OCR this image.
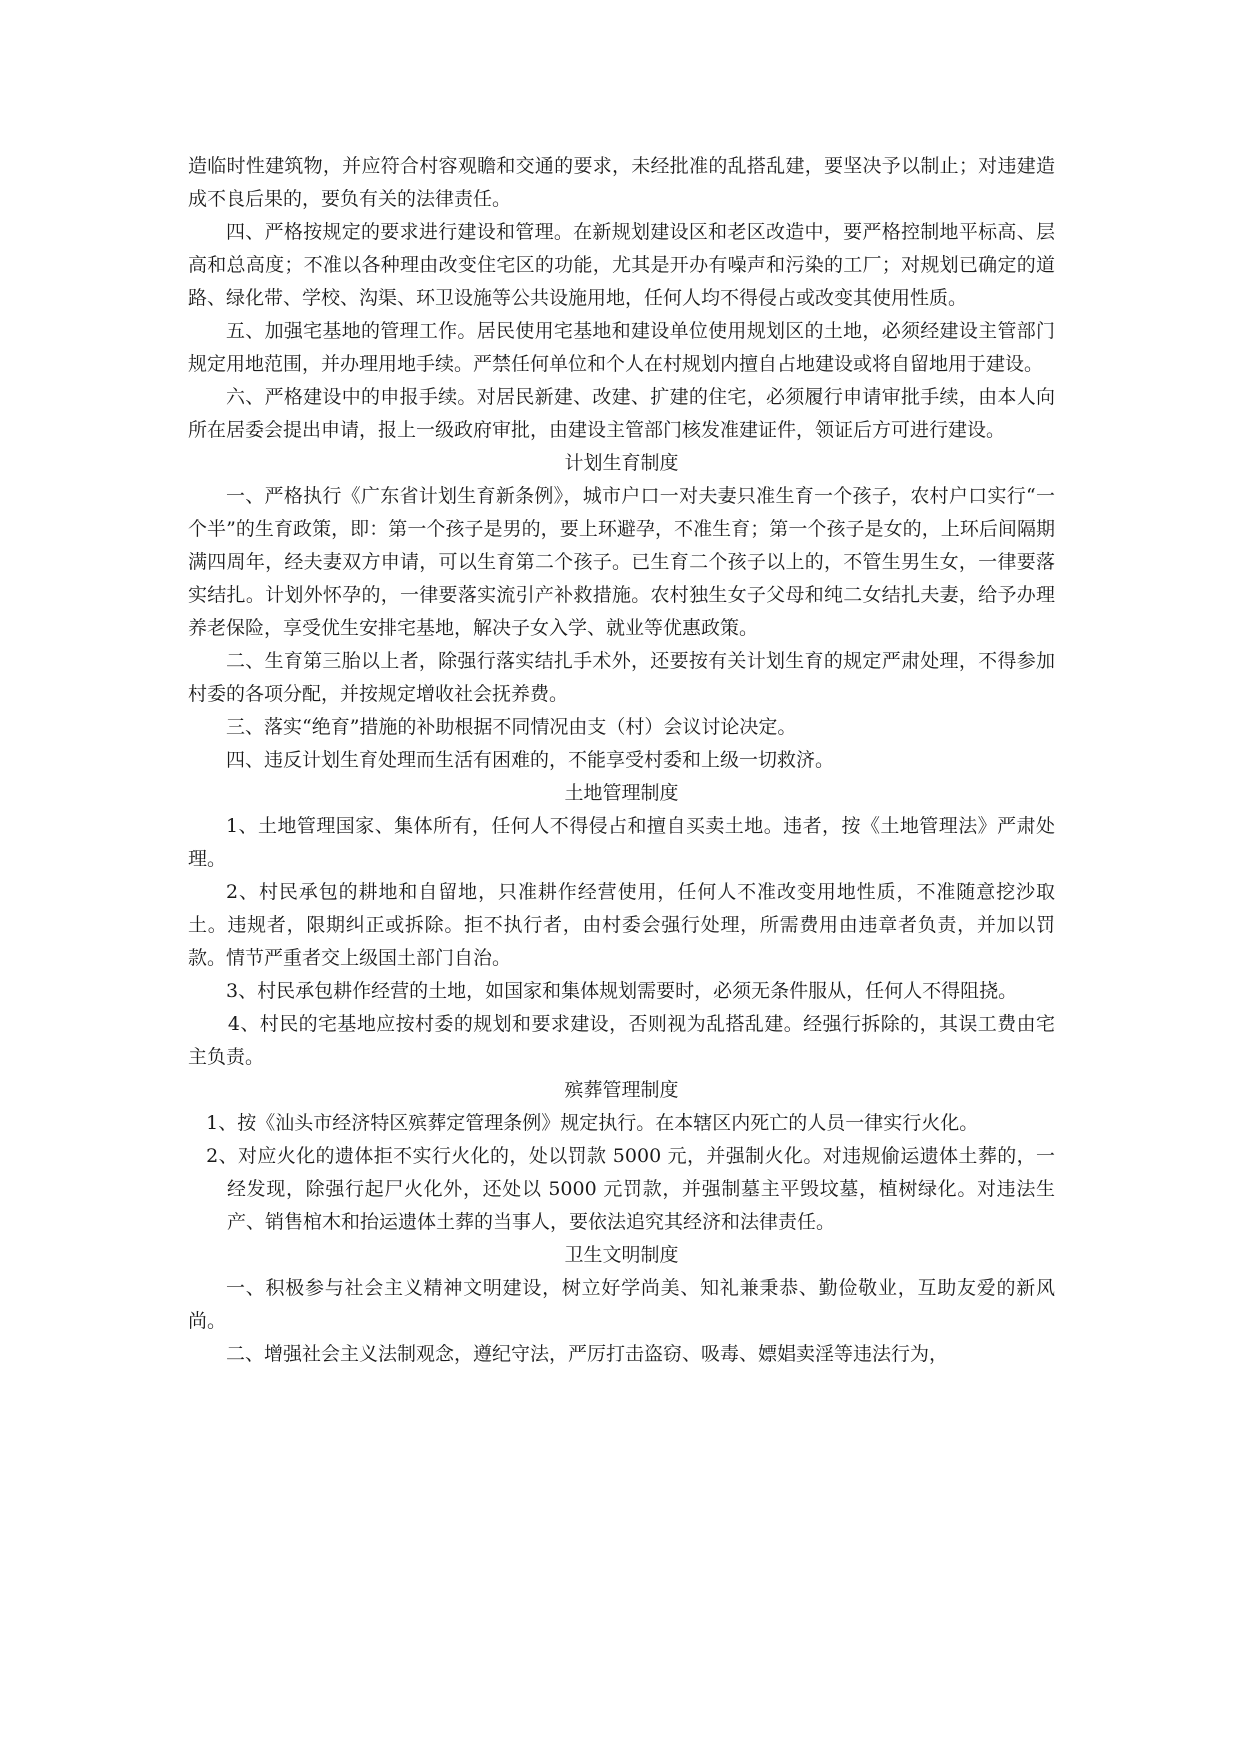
造临时性建筑物，并应符合村容观瞻和交通的要求，未经批准的乱搭乱建，要坚决予以制止；对违建造成不良后果的，要负有关的法律责任。

四、严格按规定的要求进行建设和管理。在新规划建设区和老区改造中，要严格控制地平标高、层高和总高度；不准以各种理由改变住宅区的功能，尤其是开办有噪声和污染的工厂；对规划已确定的道路、绿化带、学校、沟渠、环卫设施等公共设施用地，任何人均不得侵占或改变其使用性质。

五、加强宅基地的管理工作。居民使用宅基地和建设单位使用规划区的土地，必须经建设主管部门规定用地范围，并办理用地手续。严禁任何单位和个人在村规划内擅自占地建设或将自留地用于建设。

六、严格建设中的申报手续。对居民新建、改建、扩建的住宅，必须履行申请审批手续，由本人向所在居委会提出申请，报上一级政府审批，由建设主管部门核发准建证件，领证后方可进行建设。

计划生育制度

一、严格执行《广东省计划生育新条例》，城市户口一对夫妻只准生育一个孩子，农村户口实行“一个半”的生育政策，即：第一个孩子是男的，要上环避孕，不准生育；第一个孩子是女的，上环后间隔期满四周年，经夫妻双方申请，可以生育第二个孩子。已生育二个孩子以上的，不管生男生女，一律要落实结扎。计划外怀孕的，一律要落实流引产补救措施。农村独生女子父母和纯二女结扎夫妻，给予办理养老保险，享受优生安排宅基地，解决子女入学、就业等优惠政策。

二、生育第三胎以上者，除强行落实结扎手术外，还要按有关计划生育的规定严肃处理，不得参加村委的各项分配，并按规定增收社会抚养费。

三、落实“绝育”措施的补助根据不同情况由支（村）会议讨论决定。

四、违反计划生育处理而生活有困难的，不能享受村委和上级一切救济。

土地管理制度

1、土地管理国家、集体所有，任何人不得侵占和擅自买卖土地。违者，按《土地管理法》严肃处理。

2、村民承包的耕地和自留地，只准耕作经营使用，任何人不准改变用地性质，不准随意挖沙取土。违规者，限期纠正或拆除。拒不执行者，由村委会强行处理，所需费用由违章者负责，并加以罚款。情节严重者交上级国土部门自治。

3、村民承包耕作经营的土地，如国家和集体规划需要时，必须无条件服从，任何人不得阻挠。

4、村民的宅基地应按村委的规划和要求建设，否则视为乱搭乱建。经强行拆除的，其误工费由宅主负责。

殡葬管理制度

1、按《汕头市经济特区殡葬定管理条例》规定执行。在本辖区内死亡的人员一律实行火化。

2、对应火化的遗体拒不实行火化的，处以罚款 5000 元，并强制火化。对违规偷运遗体土葬的，一经发现，除强行起尸火化外，还处以 5000 元罚款，并强制墓主平毁坟墓，植树绿化。对违法生产、销售棺木和抬运遗体土葬的当事人，要依法追究其经济和法律责任。

卫生文明制度

一、积极参与社会主义精神文明建设，树立好学尚美、知礼兼秉恭、勤俭敬业，互助友爱的新风尚。

二、增强社会主义法制观念，遵纪守法，严厉打击盗窃、吸毒、嫖娼卖淫等违法行为，
